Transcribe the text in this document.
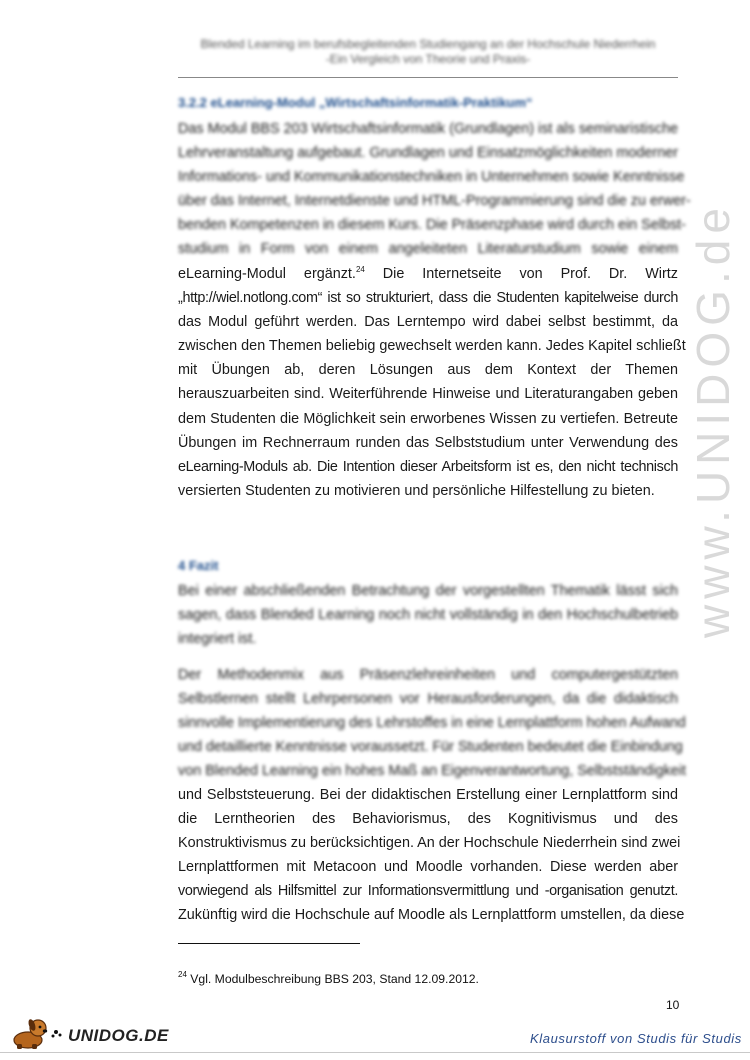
Blended Learning im berufsbegleitenden Studiengang an der Hochschule Niederrhein
-Ein Vergleich von Theorie und Praxis-
3.2.2 eLearning-Modul „Wirtschaftsinformatik-Praktikum“
Das Modul BBS 203 Wirtschaftsinformatik (Grundlagen) ist als seminaristische
Lehrveranstaltung aufgebaut. Grundlagen und Einsatzmöglichkeiten moderner
Informations- und Kommunikationstechniken in Unternehmen sowie Kenntnisse
über das Internet, Internetdienste und HTML-Programmierung sind die zu erwer-
benden Kompetenzen in diesem Kurs. Die Präsenzphase wird durch ein Selbst-
studium in Form von einem angeleiteten Literaturstudium sowie einem
eLearning-Modul ergänzt.$^{24}$ Die Internetseite von Prof. Dr. Wirtz
„http://wiel.notlong.com“ ist so strukturiert, dass die Studenten kapitelweise durch
das Modul geführt werden. Das Lerntempo wird dabei selbst bestimmt, da
zwischen den Themen beliebig gewechselt werden kann. Jedes Kapitel schließt
mit Übungen ab, deren Lösungen aus dem Kontext der Themen
herauszuarbeiten sind. Weiterführende Hinweise und Literaturangaben geben
dem Studenten die Möglichkeit sein erworbenes Wissen zu vertiefen. Betreute
Übungen im Rechnerraum runden das Selbststudium unter Verwendung des
eLearning-Moduls ab. Die Intention dieser Arbeitsform ist es, den nicht technisch
versierten Studenten zu motivieren und persönliche Hilfestellung zu bieten.
4 Fazit
Bei einer abschließenden Betrachtung der vorgestellten Thematik lässt sich
sagen, dass Blended Learning noch nicht vollständig in den Hochschulbetrieb
integriert ist.
Der Methodenmix aus Präsenzlehreinheiten und computergestützten
Selbstlernen stellt Lehrpersonen vor Herausforderungen, da die didaktisch
sinnvolle Implementierung des Lehrstoffes in eine Lernplattform hohen Aufwand
und detaillierte Kenntnisse voraussetzt. Für Studenten bedeutet die Einbindung
von Blended Learning ein hohes Maß an Eigenverantwortung, Selbstständigkeit
und Selbststeuerung. Bei der didaktischen Erstellung einer Lernplattform sind
die Lerntheorien des Behaviorismus, des Kognitivismus und des
Konstruktivismus zu berücksichtigen. An der Hochschule Niederrhein sind zwei
Lernplattformen mit Metacoon und Moodle vorhanden. Diese werden aber
vorwiegend als Hilfsmittel zur Informationsvermittlung und -organisation genutzt.
Zukünftig wird die Hochschule auf Moodle als Lernplattform umstellen, da diese
$^{24}$ Vgl. Modulbeschreibung BBS 203, Stand 12.09.2012.
10
www.UNIDOG.de
UNIDOG.DE	Klausurstoff von Studis für Studis
